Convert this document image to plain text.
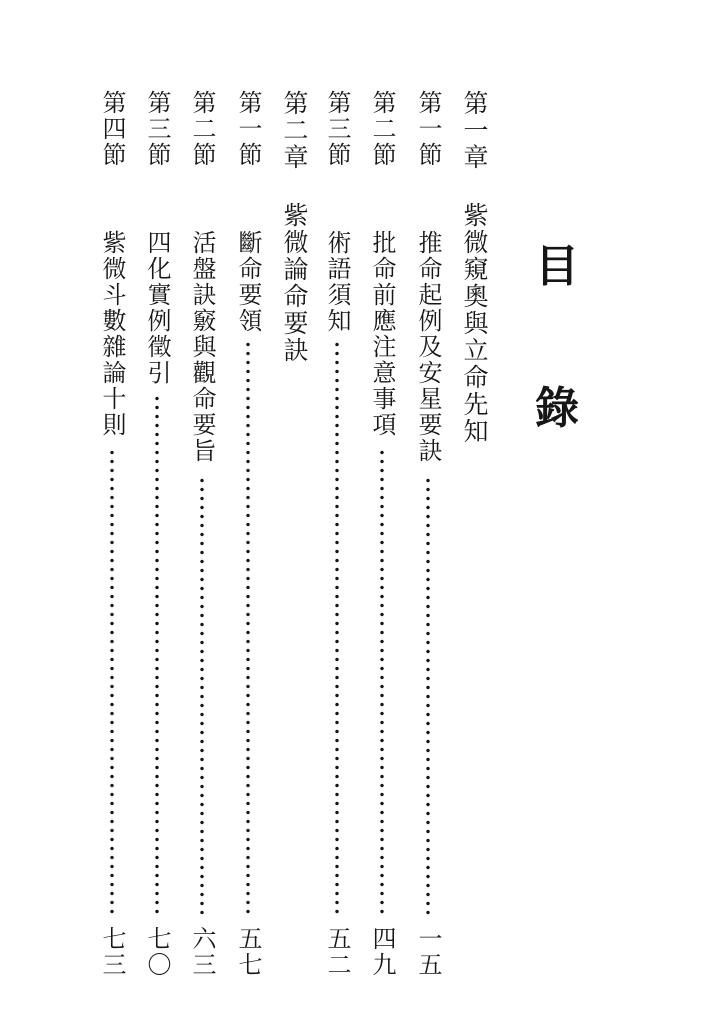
目
錄
第一章
紫微窺奧與立命先知
第一節
推命起例及安星要訣
一五
第二節
批命前應注意事項
四九
第三節
術語須知
五二
第二章
紫微論命要訣
第一節
斷命要領
五七
第二節
活盤訣竅與觀命要旨
六三
第三節
四化實例徵引
七〇
第四節
紫微斗數雜論十則
七三
